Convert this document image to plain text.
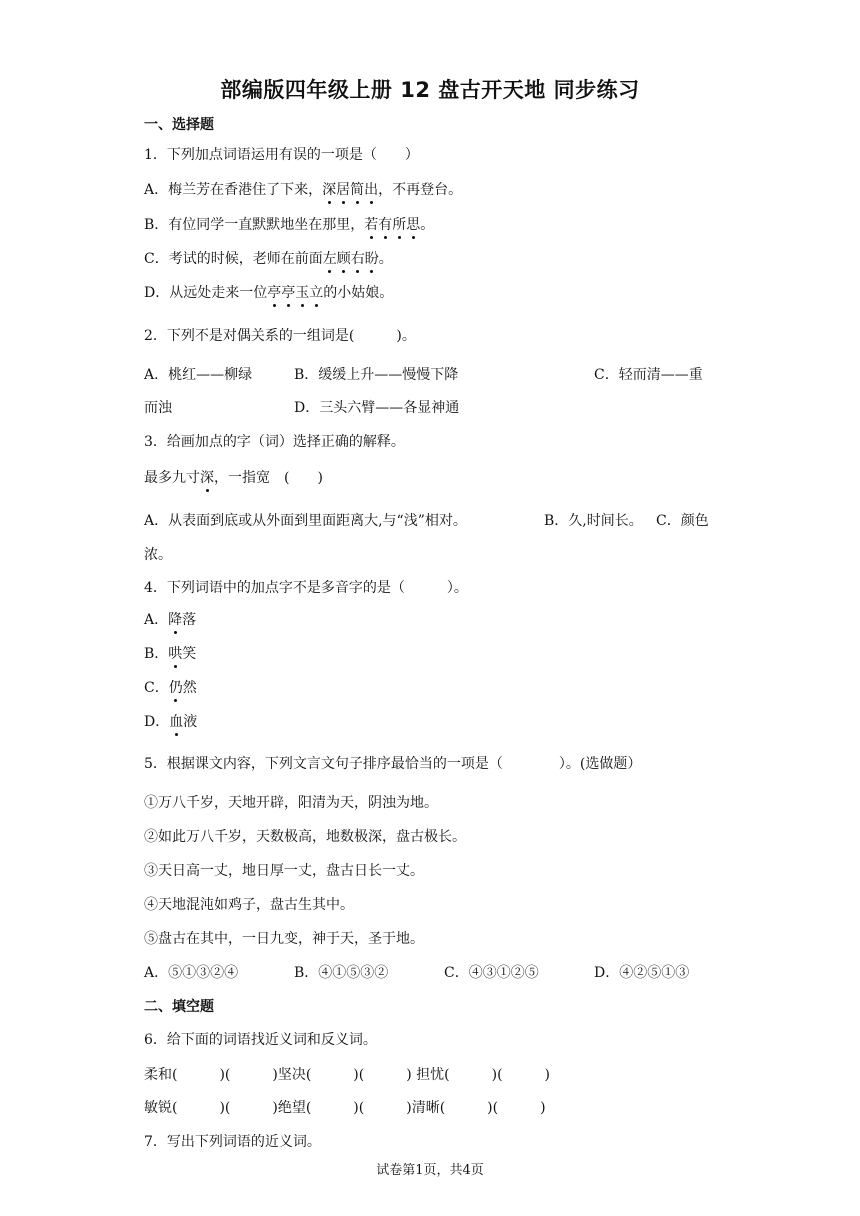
部编版四年级上册 12 盘古开天地 同步练习
一、选择题
1．下列加点词语运用有误的一项是（　　）
A．梅兰芳在香港住了下来，深居简出，不再登台。
B．有位同学一直默默地坐在那里，若有所思。
C．考试的时候，老师在前面左顾右盼。
D．从远处走来一位亭亭玉立的小姑娘。
2．下列不是对偶关系的一组词是(　　　)。
A．桃红——柳绿	B．缓缓上升——慢慢下降	C．轻而清——重
而浊	D．三头六臂——各显神通
3．给画加点的字（词）选择正确的解释。
最多九寸深，一指宽　(　　)
A．从表面到底或从外面到里面距离大,与“浅”相对。	B．久,时间长。 C．颜色
浓。
4．下列词语中的加点字不是多音字的是（　　　）。
A．降落
B．哄笑
C．仍然
D．血液
5．根据课文内容，下列文言文句子排序最恰当的一项是（　　　　）。(选做题）
①万八千岁，天地开辟，阳清为天，阴浊为地。
②如此万八千岁，天数极高，地数极深，盘古极长。
③天日高一丈，地日厚一丈，盘古日长一丈。
④天地混沌如鸡子，盘古生其中。
⑤盘古在其中，一日九变，神于天，圣于地。
A．⑤①③②④	B．④①⑤③②	C．④③①②⑤	D．④②⑤①③
二、填空题
6．给下面的词语找近义词和反义词。
柔和(　　　)(　　　)坚决(　　　)(　　　) 担忧(　　　)(　　　)
敏锐(　　　)(　　　)绝望(　　　)(　　　)清晰(　　　)(　　　)
7．写出下列词语的近义词。
试卷第1页，共4页
